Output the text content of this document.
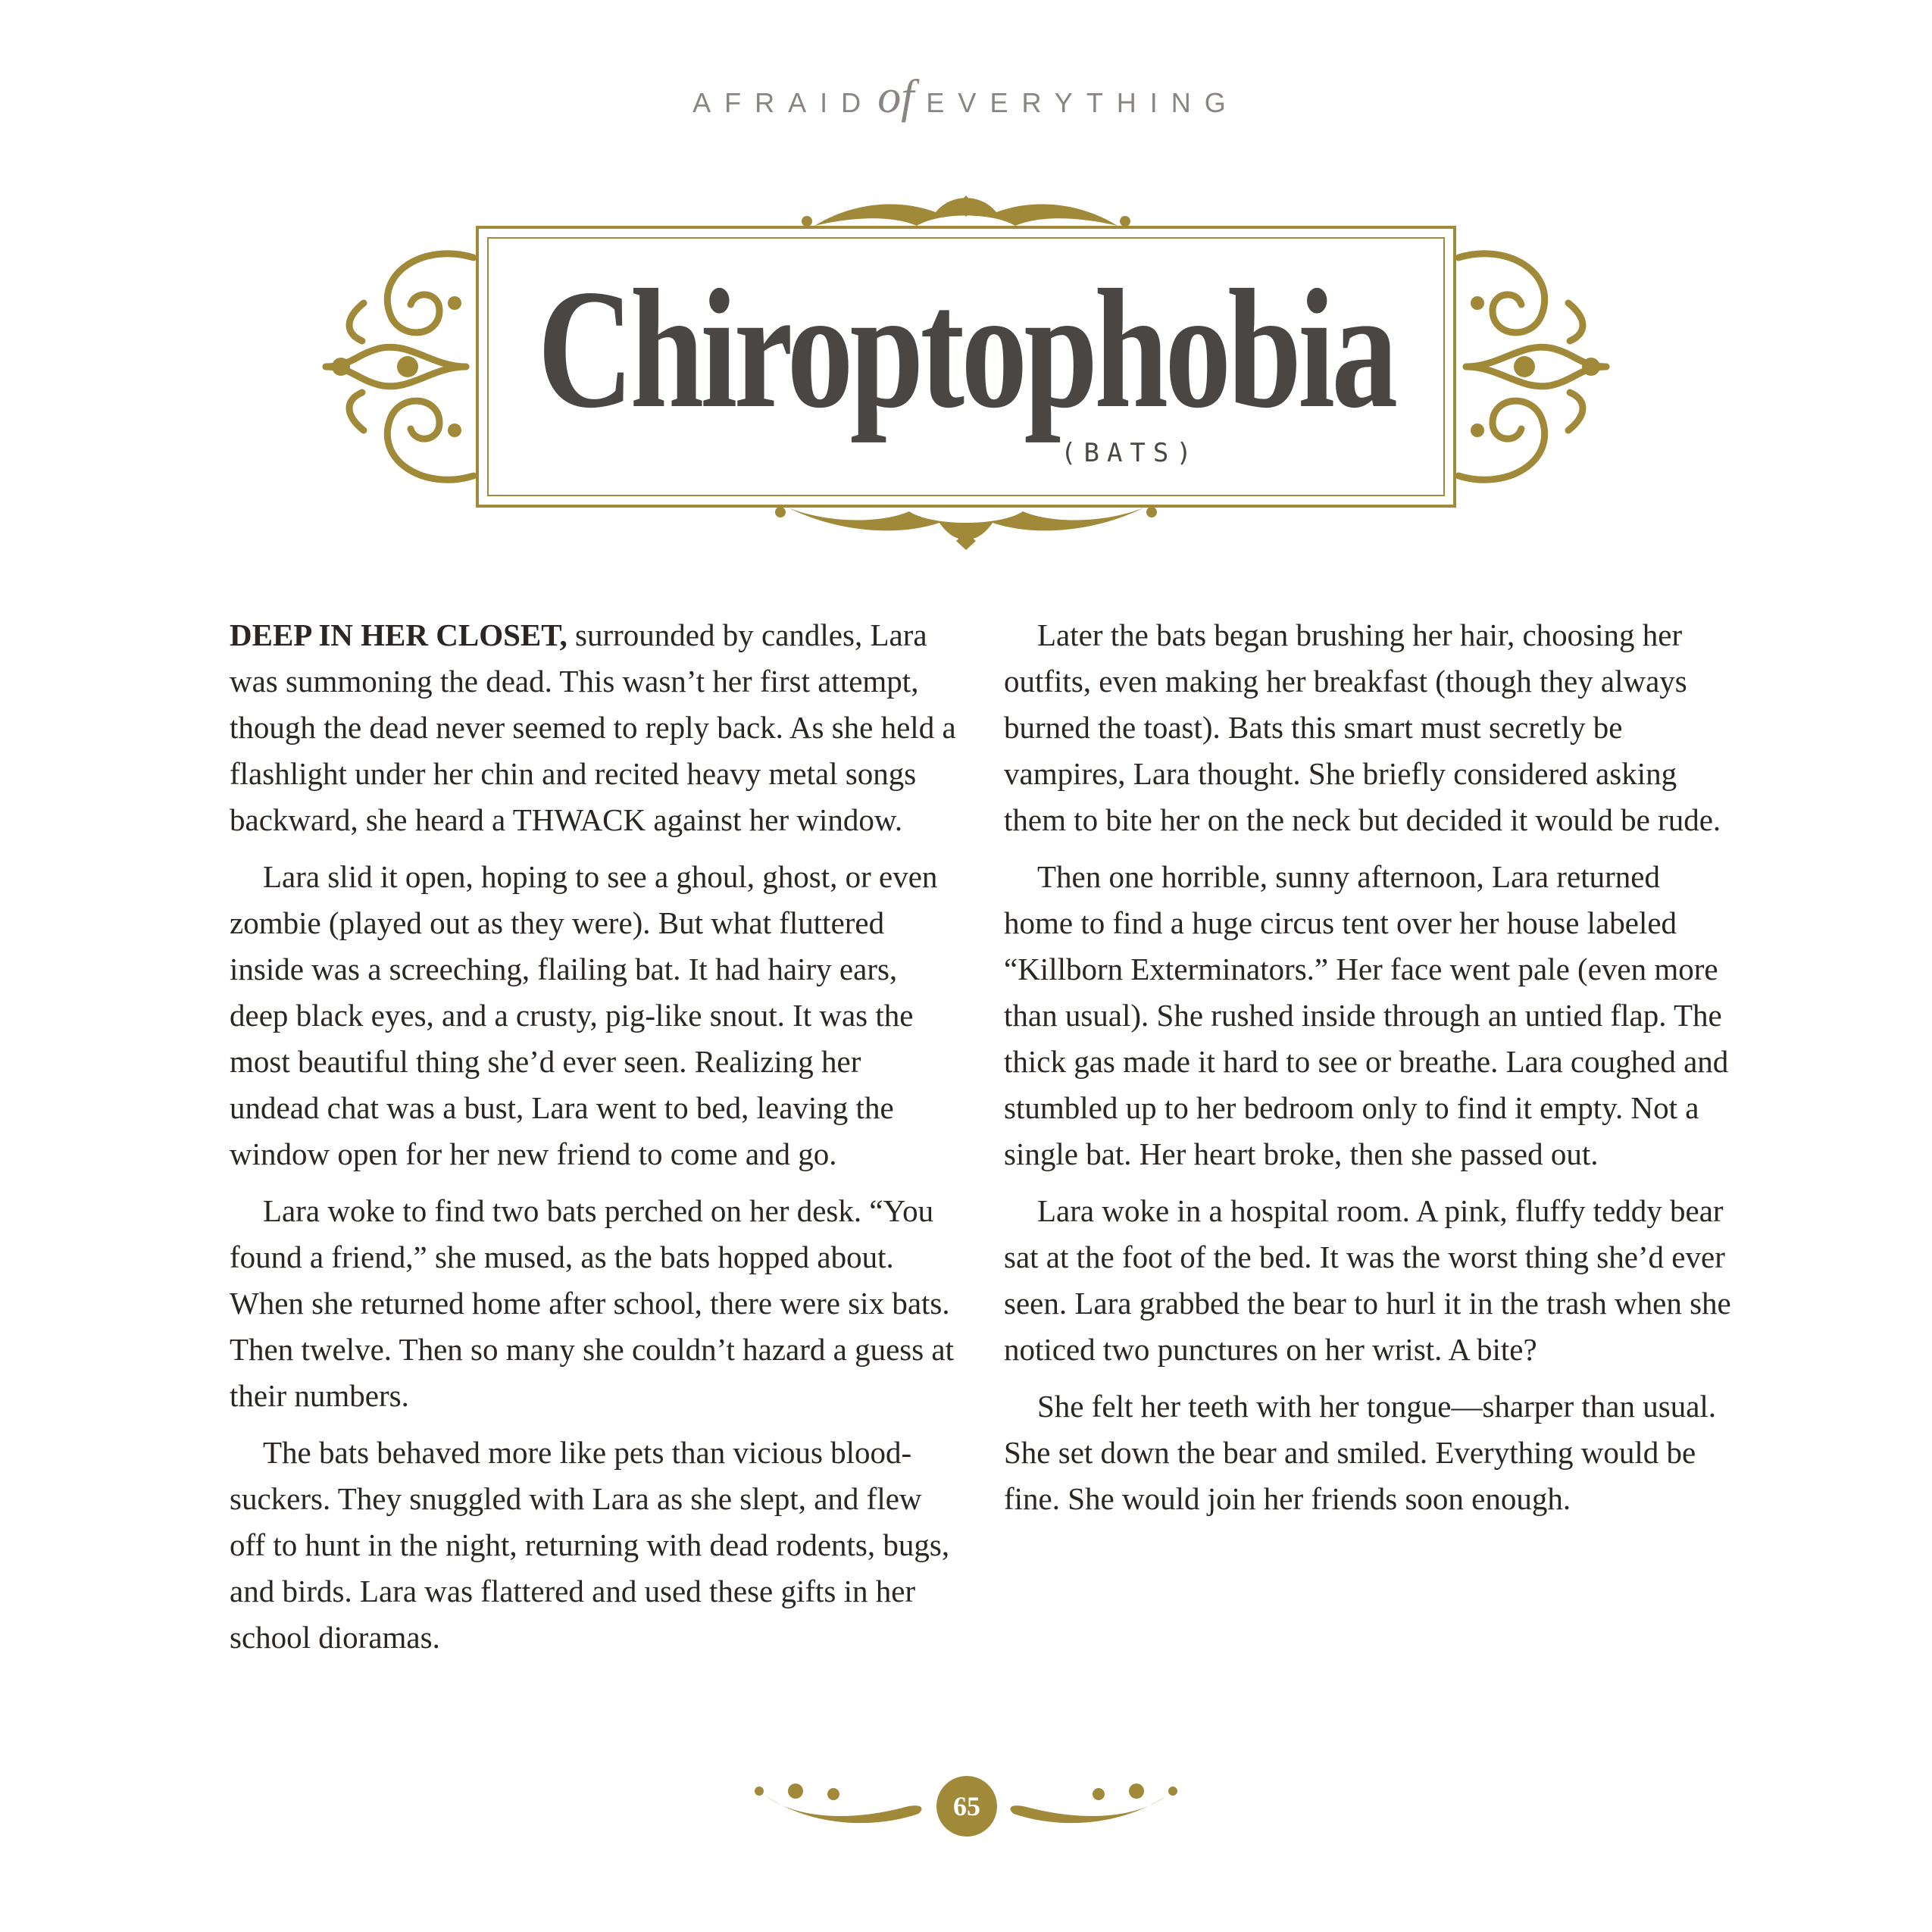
AFRAIDof EVERYTHING
Chiroptophobia
(BATS)

DEEP IN HER CLOSET, surrounded by candles, Lara was summoning the dead. This wasn’t her first attempt, though the dead never seemed to reply back. As she held a flashlight under her chin and recited heavy metal songs backward, she heard a THWACK against her window.

Lara slid it open, hoping to see a ghoul, ghost, or even zombie (played out as they were). But what fluttered inside was a screeching, flailing bat. It had hairy ears, deep black eyes, and a crusty, pig-like snout. It was the most beautiful thing she’d ever seen. Realizing her undead chat was a bust, Lara went to bed, leaving the window open for her new friend to come and go.

Lara woke to find two bats perched on her desk. “You found a friend,” she mused, as the bats hopped about. When she returned home after school, there were six bats. Then twelve. Then so many she couldn’t hazard a guess at their numbers.

The bats behaved more like pets than vicious blood-suckers. They snuggled with Lara as she slept, and flew off to hunt in the night, returning with dead rodents, bugs, and birds. Lara was flattered and used these gifts in her school dioramas.

Later the bats began brushing her hair, choosing her outfits, even making her breakfast (though they always burned the toast). Bats this smart must secretly be vampires, Lara thought. She briefly considered asking them to bite her on the neck but decided it would be rude.

Then one horrible, sunny afternoon, Lara returned home to find a huge circus tent over her house labeled “Killborn Exterminators.” Her face went pale (even more than usual). She rushed inside through an untied flap. The thick gas made it hard to see or breathe. Lara coughed and stumbled up to her bedroom only to find it empty. Not a single bat. Her heart broke, then she passed out.

Lara woke in a hospital room. A pink, fluffy teddy bear sat at the foot of the bed. It was the worst thing she’d ever seen. Lara grabbed the bear to hurl it in the trash when she noticed two punctures on her wrist. A bite?

She felt her teeth with her tongue—sharper than usual. She set down the bear and smiled. Everything would be fine. She would join her friends soon enough.

65
